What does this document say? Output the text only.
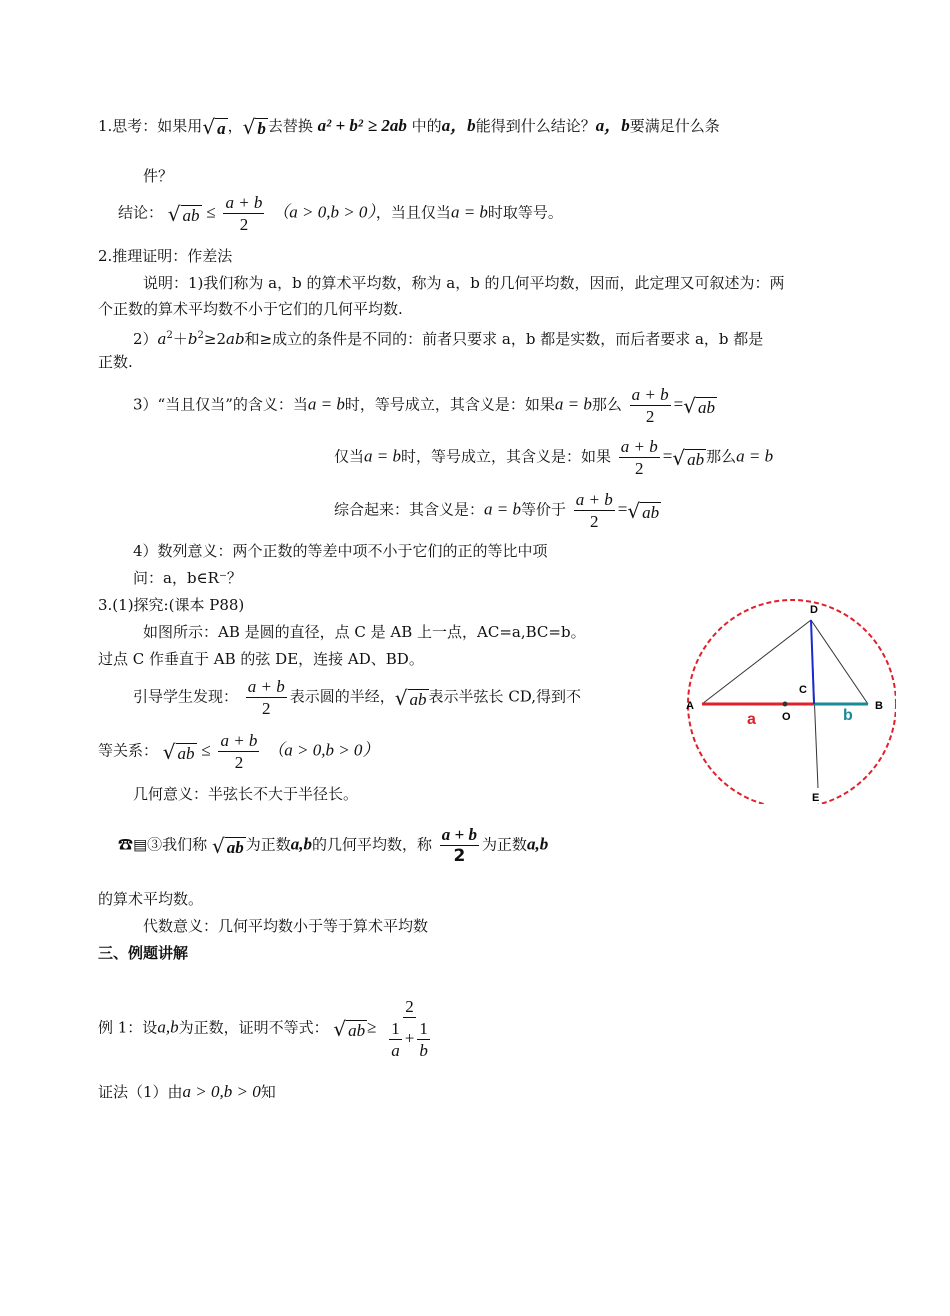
1.思考：如果用 √ a ， √ b 去替换 a² + b² ≥ 2ab 中的a，b能得到什么结论？a，b要满足什么条
件？
结论： √ ab ≤ $\frac{a + b}{2} (a > 0,b > 0)$，当且仅当a = b时取等号。
2.推理证明：作差法
说明：1)我们称为 a，b 的算术平均数，称为 a，b 的几何平均数，因而，此定理又可叙述为：两
个正数的算术平均数不小于它们的几何平均数.
$2)a^2+b^2\ge 2ab$和≥成立的条件是不同的：前者只要求 a，b 都是实数，而后者要求 a，b 都是
正数.
3）“当且仅当”的含义：当a = b时，等号成立，其含义是：如果a = b那么 $\frac{a + b}{2}$ = √ ab
仅当a = b时，等号成立，其含义是：如果 $\frac{a + b}{2}$ = √ ab 那么a = b
综合起来：其含义是：a = b等价于 $\frac{a + b}{2}$ = √ ab
4）数列意义：两个正数的等差中项不小于它们的正的等比中项
问：a，b∈R⁻？
3.(1)探究:(课本 P88)
如图所示：AB 是圆的直径，点 C 是 AB 上一点，AC=a,BC=b。
过点 C 作垂直于 AB 的弦 DE，连接 AD、BD。
引导学生发现： $\frac{a + b}{2}$ 表示圆的半经， √ ab 表示半弦长 CD,得到不
等关系： √ ab ≤ $\frac{a + b}{2} (a > 0,b > 0)$
几何意义：半弦长不大于半径长。
☎▤➂我们称 √ ab 为正数a,b的几何平均数，称 $\frac{a + b}{2}$ 为正数a,b
的算术平均数。
代数意义：几何平均数小于等于算术平均数
三、例题讲解
例 1：设a,b为正数，证明不等式： √ ab ≥ $\frac{2}{\frac{1}{a} + \frac{1}{b}}$
证法（1）由a > 0,b > 0知
A	B
C
D
E
O
a	b
